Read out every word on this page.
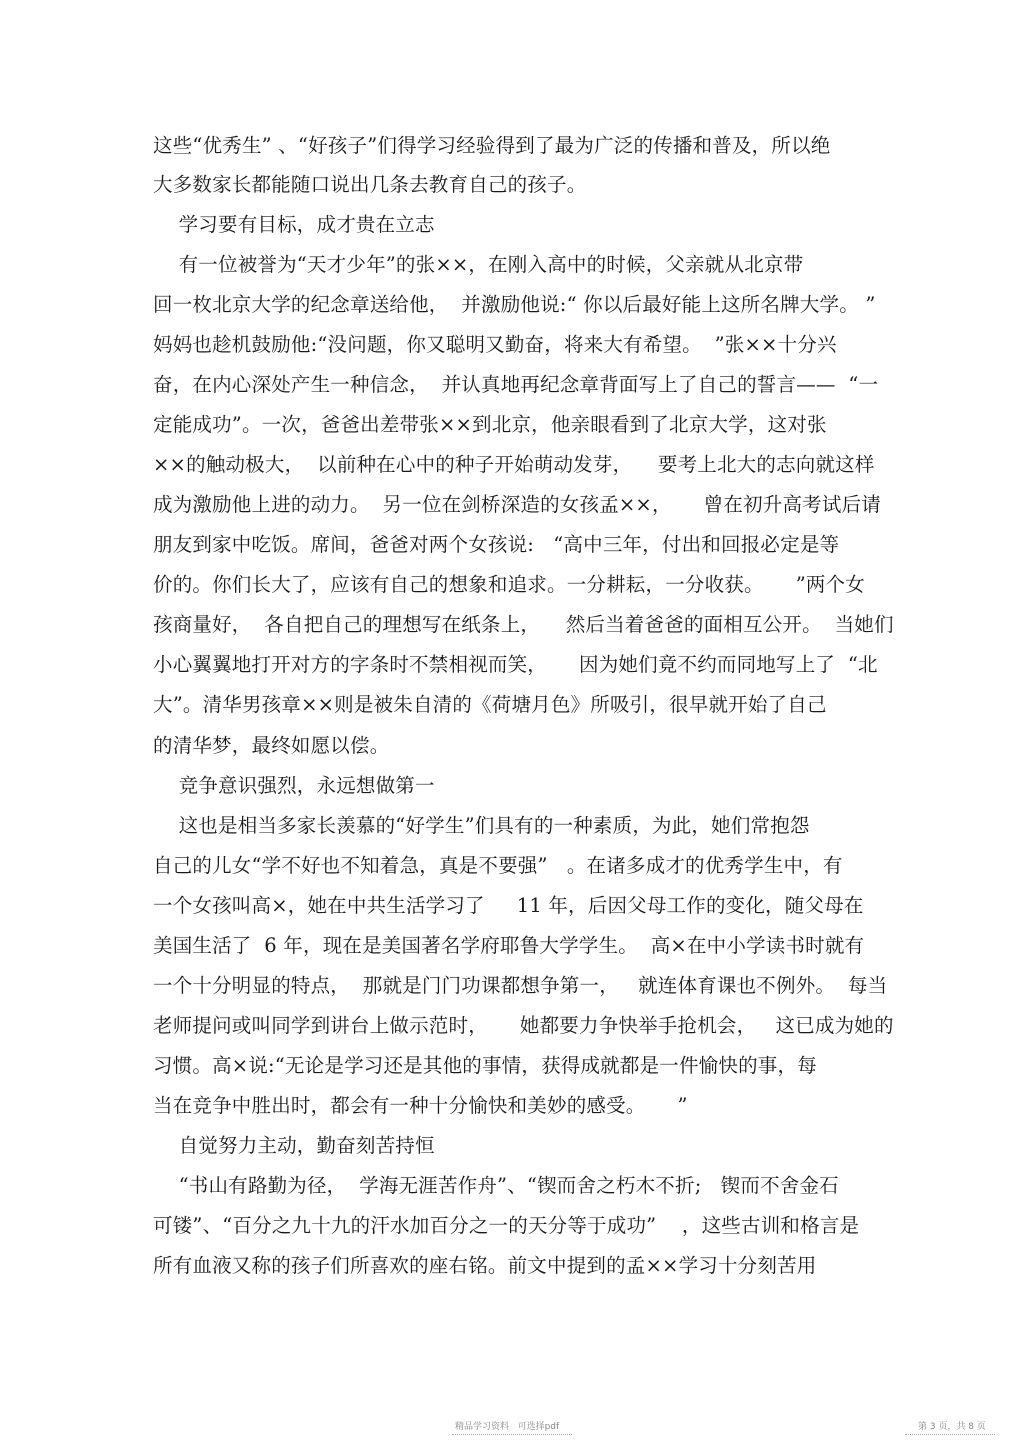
这些“优秀生” 、“好孩子”们得学习经验得到了最为广泛的传播和普及，所以绝
大多数家长都能随口说出几条去教育自己的孩子。
学习要有目标，成才贵在立志
有一位被誉为“天才少年”的张××，在刚入高中的时候，父亲就从北京带
回一枚北京大学的纪念章送给他，  并激励他说:“ 你以后最好能上这所名牌大学。 ”
妈妈也趁机鼓励他:“没问题，你又聪明又勤奋，将来大有希望。  ”张××十分兴
奋，在内心深处产生一种信念，  并认真地再纪念章背面写上了自己的誓言——  “一
定能成功”。一次，爸爸出差带张××到北京，他亲眼看到了北京大学，这对张
××的触动极大，  以前种在心中的种子开始萌动发芽，    要考上北大的志向就这样
成为激励他上进的动力。  另一位在剑桥深造的女孩孟××，     曾在初升高考试后请
朋友到家中吃饭。席间，爸爸对两个女孩说:   “高中三年，付出和回报必定是等
价的。你们长大了，应该有自己的想象和追求。一分耕耘，一分收获。     ”两个女
孩商量好，  各自把自己的理想写在纸条上，    然后当着爸爸的面相互公开。  当她们
小心翼翼地打开对方的字条时不禁相视而笑，     因为她们竟不约而同地写上了  “北
大”。清华男孩章××则是被朱自清的《荷塘月色》所吸引，很早就开始了自己
的清华梦，最终如愿以偿。
竞争意识强烈，永远想做第一
这也是相当多家长羡慕的“好学生”们具有的一种素质，为此，她们常抱怨
自己的儿女“学不好也不知着急，真是不要强”   。在诸多成才的优秀学生中，有
一个女孩叫高×，她在中共生活学习了     11 年，后因父母工作的变化，随父母在
美国生活了  6 年，现在是美国著名学府耶鲁大学学生。  高×在中小学读书时就有
一个十分明显的特点，  那就是门门功课都想争第一，   就连体育课也不例外。  每当
老师提问或叫同学到讲台上做示范时，     她都要力争快举手抢机会，   这已成为她的
习惯。高×说:“无论是学习还是其他的事情，获得成就都是一件愉快的事，每
当在竞争中胜出时，都会有一种十分愉快和美妙的感受。     ”
自觉努力主动，勤奋刻苦持恒
“书山有路勤为径，  学海无涯苦作舟”、“锲而舍之朽木不折;   锲而不舍金石
可镂”、“百分之九十九的汗水加百分之一的天分等于成功”    ，这些古训和格言是
所有血液又称的孩子们所喜欢的座右铭。前文中提到的孟××学习十分刻苦用
精品学习资料   可选择pdf	第 3 页，共 8 页
